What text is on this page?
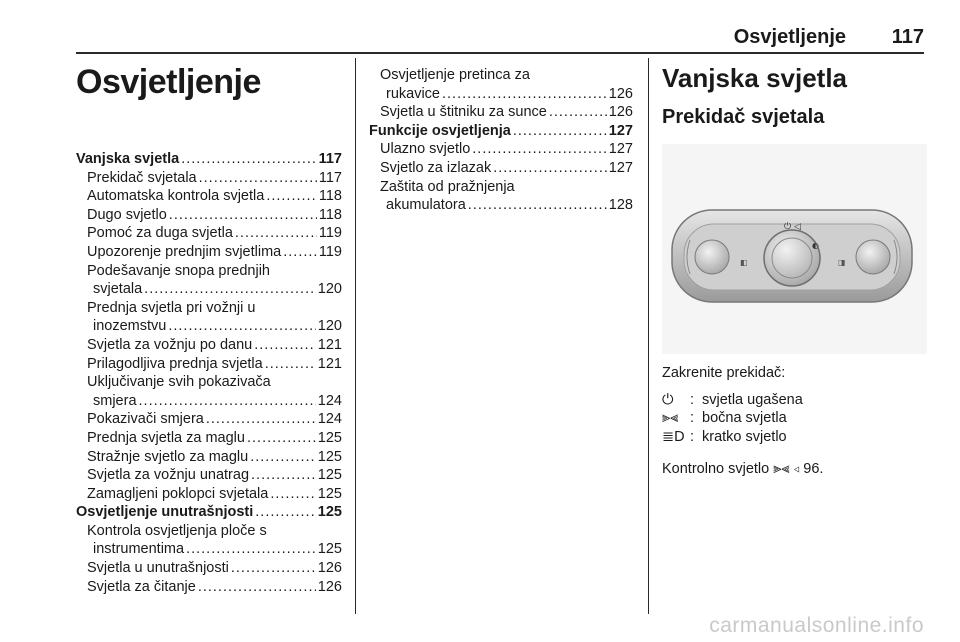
Osvjetljenje 117
Osvjetljenje
Vanjska svjetla .....	117
Prekidač svjetala .....	117
Automatska kontrola svjetla .....	118
Dugo svjetlo .....	118
Pomoć za duga svjetla .....	119
Upozorenje prednjim svjetlima .....	119
Podešavanje snopa prednjih
svjetala .....	120
Prednja svjetla pri vožnji u
inozemstvu .....	120
Svjetla za vožnju po danu .....	121
Prilagodljiva prednja svjetla .....	121
Uključivanje svih pokazivača
smjera .....	124
Pokazivači smjera .....	124
Prednja svjetla za maglu .....	125
Stražnje svjetlo za maglu .....	125
Svjetla za vožnju unatrag .....	125
Zamagljeni poklopci svjetala .....	125
Osvjetljenje unutrašnjosti .....	125
Kontrola osvjetljenja ploče s
instrumentima .....	125
Svjetla u unutrašnjosti .....	126
Svjetla za čitanje .....	126
Osvjetljenje pretinca za
rukavice .....	126
Svjetla u štitniku za sunce .....	126
Funkcije osvjetljenja .....	127
Ulazno svjetlo .....	127
Svjetlo za izlazak .....	127
Zaštita od pražnjenja
akumulatora .....	128
Vanjska svjetla
Prekidač svjetala
⏻ ◁
◐
◧	◨
Zakrenite prekidač:
⏻	: svjetla ugašena
⫸⫷ : bočna svjetla
≣D : kratko svjetlo
Kontrolno svjetlo ⫸⫷ ◃ 96.
carmanualsonline.info
